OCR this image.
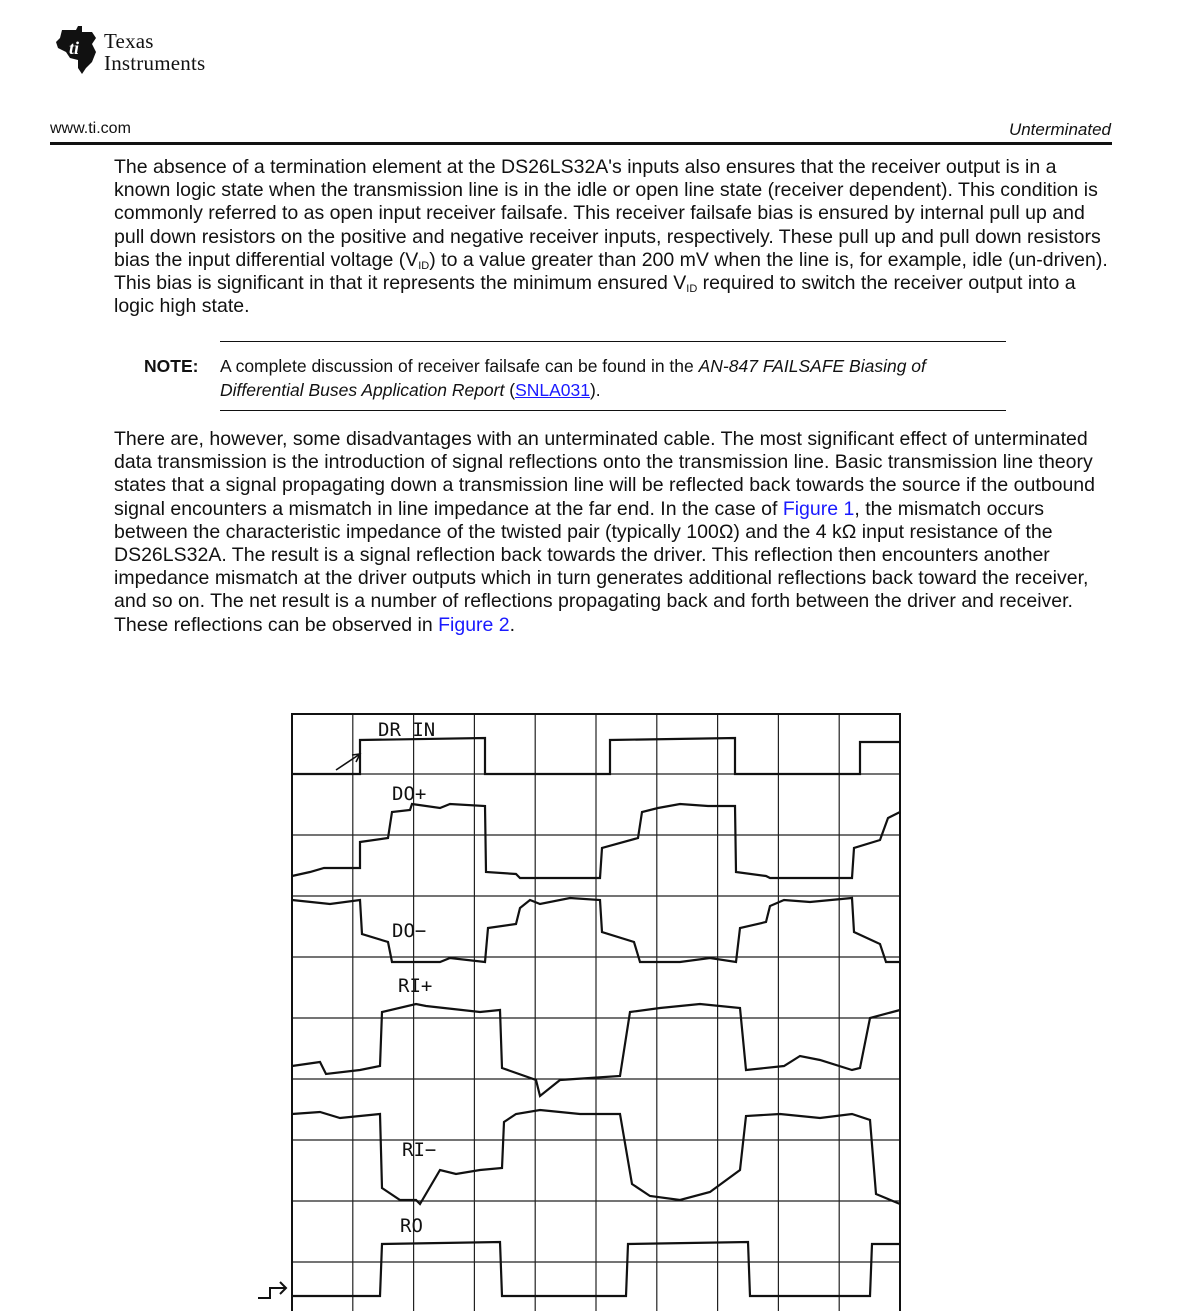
ti Texas
Instruments
www.ti.com	Unterminated

The absence of a termination element at the DS26LS32A's inputs also ensures that the receiver output is in a known logic state when the transmission line is in the idle or open line state (receiver dependent). This condition is commonly referred to as open input receiver failsafe. This receiver failsafe bias is ensured by internal pull up and pull down resistors on the positive and negative receiver inputs, respectively. These pull up and pull down resistors bias the input differential voltage $(V_{ID})$ to a value greater than 200 mV when the line is, for example, idle (un-driven). This bias is significant in that it represents the minimum ensured $V_{ID}$ required to switch the receiver output into a logic high state.

NOTE: A complete discussion of receiver failsafe can be found in the AN-847 FAILSAFE Biasing of Differential Buses Application Report (SNLA031).

There are, however, some disadvantages with an unterminated cable. The most significant effect of unterminated data transmission is the introduction of signal reflections onto the transmission line. Basic transmission line theory states that a signal propagating down a transmission line will be reflected back towards the source if the outbound signal encounters a mismatch in line impedance at the far end. In the case of Figure 1, the mismatch occurs between the characteristic impedance of the twisted pair (typically 100Ω) and the 4 kΩ input resistance of the DS26LS32A. The result is a signal reflection back towards the driver. This reflection then encounters another impedance mismatch at the driver outputs which in turn generates additional reflections back toward the receiver, and so on. The net result is a number of reflections propagating back and forth between the driver and receiver. These reflections can be observed in Figure 2.

DR IN
DO+
DO−
RI+
RI−
RO
